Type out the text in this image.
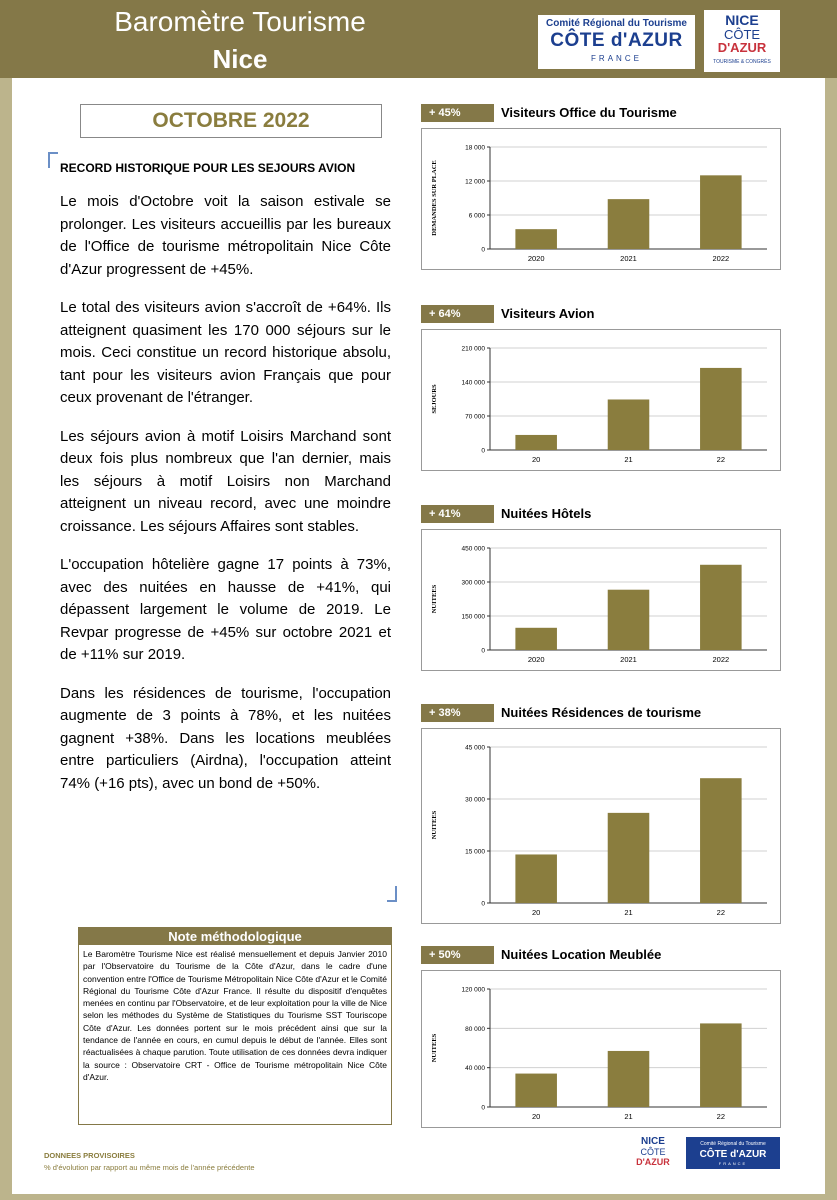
Baromètre Tourisme
Nice
Comité Régional du Tourisme
CÔTE d'AZUR
FRANCE
NICE
CÔTE
D'AZUR
TOURISME & CONGRÈS
OCTOBRE 2022
RECORD HISTORIQUE POUR LES SEJOURS AVION

Le mois d'Octobre voit la saison estivale se prolonger. Les visiteurs accueillis par les bureaux de l'Office de tourisme métropolitain Nice Côte d'Azur progressent de +45%.

Le total des visiteurs avion s'accroît de +64%. Ils atteignent quasiment les 170 000 séjours sur le mois. Ceci constitue un record historique absolu, tant pour les visiteurs avion Français que pour ceux provenant de l'étranger.

Les séjours avion à motif Loisirs Marchand sont deux fois plus nombreux que l'an dernier, mais les séjours à motif Loisirs non Marchand atteignent un niveau record, avec une moindre croissance. Les séjours Affaires sont stables.

L'occupation hôtelière gagne 17 points à 73%, avec des nuitées en hausse de +41%, qui dépassent largement le volume de 2019. Le Revpar progresse de +45% sur octobre 2021 et de +11% sur 2019.

Dans les résidences de tourisme, l'occupation augmente de 3 points à 78%, et les nuitées gagnent +38%. Dans les locations meublées entre particuliers (Airdna), l'occupation atteint 74% (+16 pts), avec un bond de +50%.

Note méthodologique
Le Baromètre Tourisme Nice est réalisé mensuellement et depuis Janvier 2010 par l'Observatoire du Tourisme de la Côte d'Azur, dans le cadre d'une convention entre l'Office de Tourisme Métropolitain Nice Côte d'Azur et le Comité Régional du Tourisme Côte d'Azur France. Il résulte du dispositif d'enquêtes menées en continu par l'Observatoire, et de leur exploitation pour la ville de Nice selon les méthodes du Système de Statistiques du Tourisme SST Touriscope Côte d'Azur. Les données portent sur le mois précédent ainsi que sur la tendance de l'année en cours, en cumul depuis le début de l'année. Elles sont réactualisées à chaque parution. Toute utilisation de ces données devra indiquer la source : Observatoire CRT - Office de Tourisme métropolitain Nice Côte d'Azur.
DONNEES PROVISOIRES
% d'évolution par rapport au même mois de l'année précédente
NICE
CÔTE
D'AZUR
Comité Régional du Tourisme
CÔTE d'AZUR
FRANCE
+ 45%	Visiteurs Office du Tourisme
0
6 000
12 000
18 000
DEMANDES SUR PLACE
2020	2021	2022
+ 64%	Visiteurs Avion
0
70 000
140 000
210 000
SEJOURS
20	21	22
+ 41%	Nuitées Hôtels
0
150 000
300 000
450 000
NUITEES
2020	2021	2022
+ 38%	Nuitées Résidences de tourisme
0
15 000
30 000
45 000
NUITEES
20	21	22
+ 50%	Nuitées Location Meublée
0
40 000
80 000
120 000
NUITEES
20	21	22
